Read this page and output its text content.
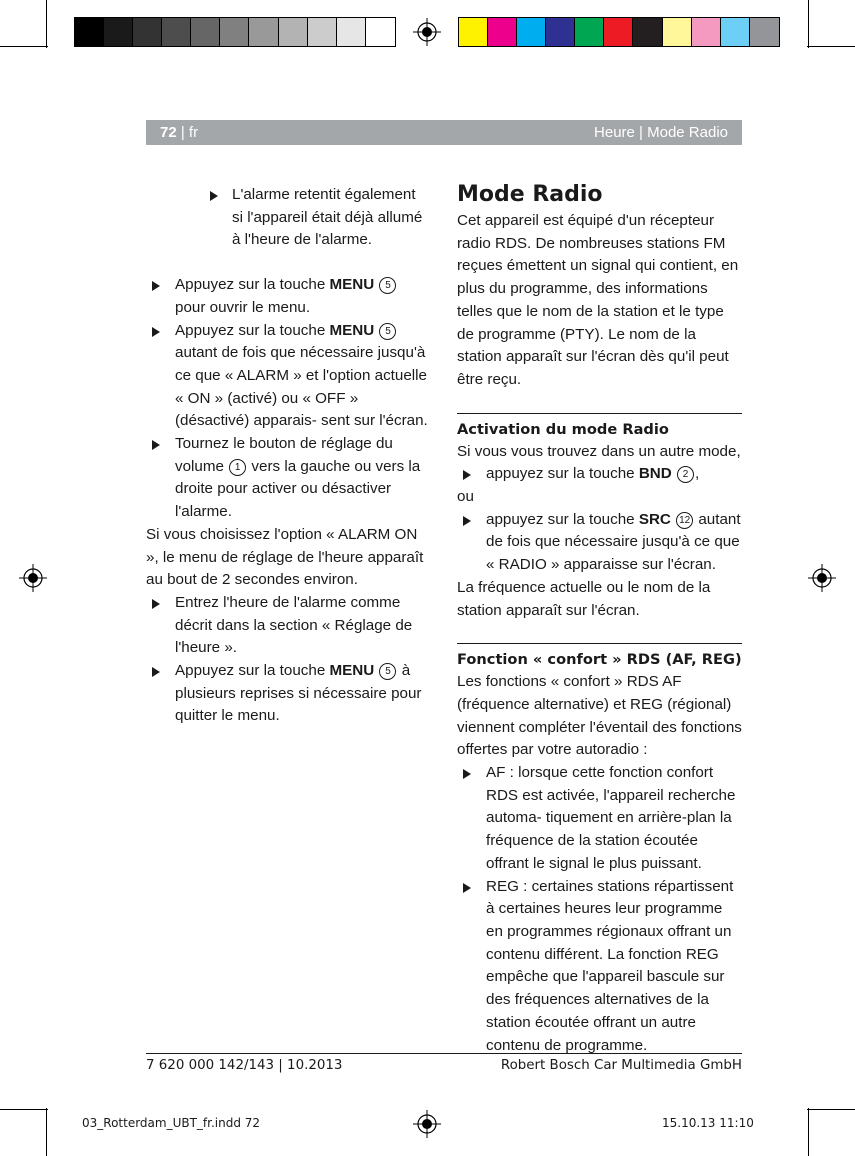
72 | fr	Heure | Mode Radio
L'alarme retentit également si l'appareil était déjà allumé à l'heure de l'alarme.
Appuyez sur la touche MENU 5 pour ouvrir le menu.
Appuyez sur la touche MENU 5 autant de fois que nécessaire jusqu'à ce que « ALARM » et l'option actuelle « ON » (activé) ou « OFF » (désactivé) apparais- sent sur l'écran.
Tournez le bouton de réglage du volume 1 vers la gauche ou vers la droite pour activer ou désactiver l'alarme.

Si vous choisissez l'option « ALARM ON », le menu de réglage de l'heure apparaît au bout de 2 secondes environ.

Entrez l'heure de l'alarme comme décrit dans la section « Réglage de l'heure ».
Appuyez sur la touche MENU 5 à plusieurs reprises si nécessaire pour quitter le menu.
Mode Radio

Cet appareil est équipé d'un récepteur radio RDS. De nombreuses stations FM reçues émettent un signal qui contient, en plus du programme, des informations telles que le nom de la station et le type de programme (PTY). Le nom de la station apparaît sur l'écran dès qu'il peut être reçu.

Activation du mode Radio

Si vous vous trouvez dans un autre mode,

appuyez sur la touche BND 2 ,

ou

appuyez sur la touche SRC 12 autant de fois que nécessaire jusqu'à ce que « RADIO » apparaisse sur l'écran.

La fréquence actuelle ou le nom de la station apparaît sur l'écran.

Fonction « confort » RDS (AF, REG)

Les fonctions « confort » RDS AF (fréquence alternative) et REG (régional) viennent compléter l'éventail des fonctions offertes par votre autoradio :

AF : lorsque cette fonction confort RDS est activée, l'appareil recherche automa- tiquement en arrière-plan la fréquence de la station écoutée offrant le signal le plus puissant.
REG : certaines stations répartissent à certaines heures leur programme en programmes régionaux offrant un contenu différent. La fonction REG empêche que l'appareil bascule sur des fréquences alternatives de la station écoutée offrant un autre contenu de programme.
7 620 000 142/143 | 10.2013	Robert Bosch Car Multimedia GmbH
03_Rotterdam_UBT_fr.indd 72	15.10.13 11:10
